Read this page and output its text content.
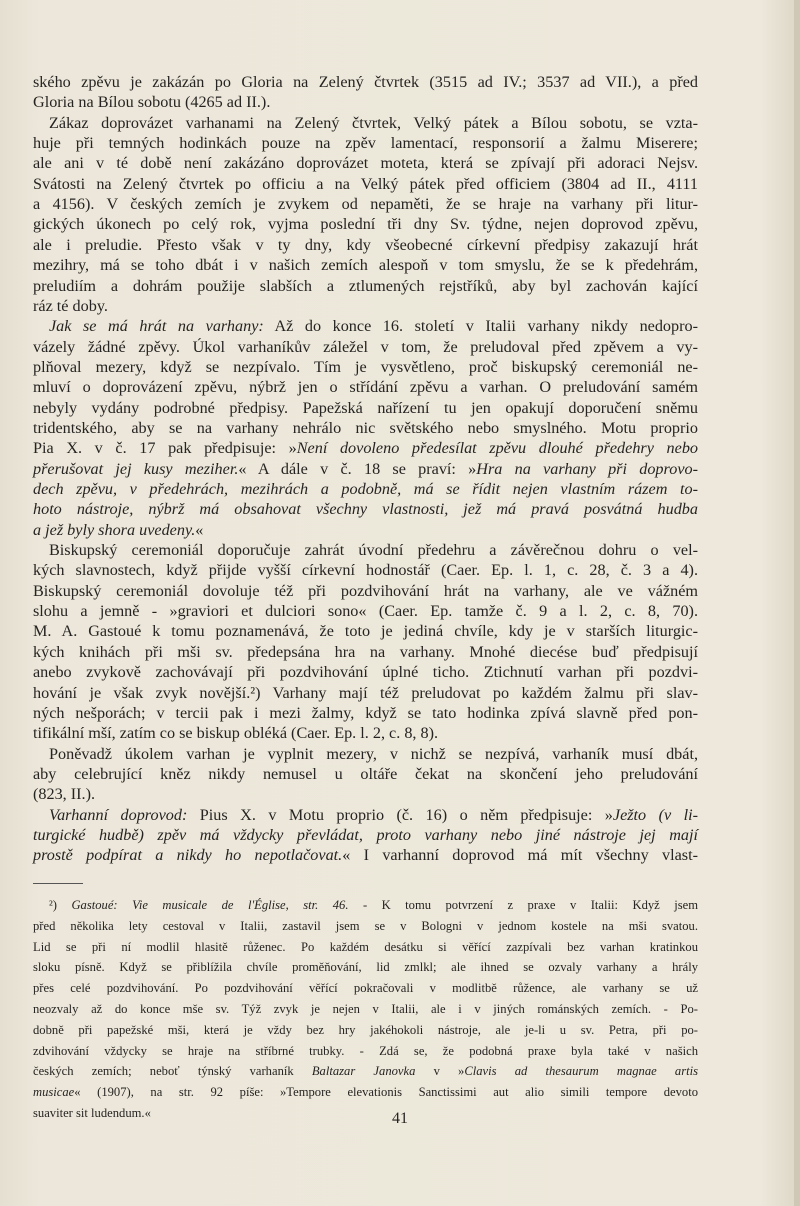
ského zpěvu je zakázán po Gloria na Zelený čtvrtek (3515 ad IV.; 3537 ad VII.), a před
Gloria na Bílou sobotu (4265 ad II.).
Zákaz doprovázet varhanami na Zelený čtvrtek, Velký pátek a Bílou sobotu, se vzta-
huje při temných hodinkách pouze na zpěv lamentací, responsorií a žalmu Miserere;
ale ani v té době není zakázáno doprovázet moteta, která se zpívají při adoraci Nejsv.
Svátosti na Zelený čtvrtek po officiu a na Velký pátek před officiem (3804 ad II., 4111
a 4156). V českých zemích je zvykem od nepaměti, že se hraje na varhany při litur-
gických úkonech po celý rok, vyjma poslední tři dny Sv. týdne, nejen doprovod zpěvu,
ale i preludie. Přesto však v ty dny, kdy všeobecné církevní předpisy zakazují hrát
mezihry, má se toho dbát i v našich zemích alespoň v tom smyslu, že se k předehrám,
preludiím a dohrám použije slabších a ztlumených rejstříků, aby byl zachován kající
ráz té doby.
Jak se má hrát na varhany: Až do konce 16. století v Italii varhany nikdy nedopro-
vázely žádné zpěvy. Úkol varhaníkův záležel v tom, že preludoval před zpěvem a vy-
plňoval mezery, když se nezpívalo. Tím je vysvětleno, proč biskupský ceremoniál ne-
mluví o doprovázení zpěvu, nýbrž jen o střídání zpěvu a varhan. O preludování samém
nebyly vydány podrobné předpisy. Papežská nařízení tu jen opakují doporučení sněmu
tridentského, aby se na varhany nehrálo nic světského nebo smyslného. Motu proprio
Pia X. v č. 17 pak předpisuje: »Není dovoleno předesílat zpěvu dlouhé předehry nebo
přerušovat jej kusy meziher.« A dále v č. 18 se praví: »Hra na varhany při doprovo-
dech zpěvu, v předehrách, mezihrách a podobně, má se řídit nejen vlastním rázem to-
hoto nástroje, nýbrž má obsahovat všechny vlastnosti, jež má pravá posvátná hudba
a jež byly shora uvedeny.«
Biskupský ceremoniál doporučuje zahrát úvodní předehru a závěrečnou dohru o vel-
kých slavnostech, když přijde vyšší církevní hodnostář (Caer. Ep. l. 1, c. 28, č. 3 a 4).
Biskupský ceremoniál dovoluje též při pozdvihování hrát na varhany, ale ve vážném
slohu a jemně - »graviori et dulciori sono« (Caer. Ep. tamže č. 9 a l. 2, c. 8, 70).
M. A. Gastoué k tomu poznamenává, že toto je jediná chvíle, kdy je v starších liturgic-
kých knihách při mši sv. předepsána hra na varhany. Mnohé diecése buď předpisují
anebo zvykově zachovávají při pozdvihování úplné ticho. Ztichnutí varhan při pozdvi-
hování je však zvyk novější.²) Varhany mají též preludovat po každém žalmu při slav-
ných nešporách; v tercii pak i mezi žalmy, když se tato hodinka zpívá slavně před pon-
tifikální mší, zatím co se biskup obléká (Caer. Ep. l. 2, c. 8, 8).
Poněvadž úkolem varhan je vyplnit mezery, v nichž se nezpívá, varhaník musí dbát,
aby celebrující kněz nikdy nemusel u oltáře čekat na skončení jeho preludování
(823, II.).
Varhanní doprovod: Pius X. v Motu proprio (č. 16) o něm předpisuje: »Ježto (v li-
turgické hudbě) zpěv má vždycky převládat, proto varhany nebo jiné nástroje jej mají
prostě podpírat a nikdy ho nepotlačovat.« I varhanní doprovod má mít všechny vlast-
²) Gastoué: Vie musicale de l'Église, str. 46. - K tomu potvrzení z praxe v Italii: Když jsem
před několika lety cestoval v Italii, zastavil jsem se v Bologni v jednom kostele na mši svatou.
Lid se při ní modlil hlasitě růženec. Po každém desátku si věřící zazpívali bez varhan kratinkou
sloku písně. Když se přiblížila chvíle proměňování, lid zmlkl; ale ihned se ozvaly varhany a hrály
přes celé pozdvihování. Po pozdvihování věřící pokračovali v modlitbě růžence, ale varhany se už
neozvaly až do konce mše sv. Týž zvyk je nejen v Italii, ale i v jiných románských zemích. - Po-
dobně při papežské mši, která je vždy bez hry jakéhokoli nástroje, ale je-li u sv. Petra, při po-
zdvihování vždycky se hraje na stříbrné trubky. - Zdá se, že podobná praxe byla také v našich
českých zemích; neboť týnský varhaník Baltazar Janovka v »Clavis ad thesaurum magnae artis
musicae« (1907), na str. 92 píše: »Tempore elevationis Sanctissimi aut alio simili tempore devoto
suaviter sit ludendum.«	41
